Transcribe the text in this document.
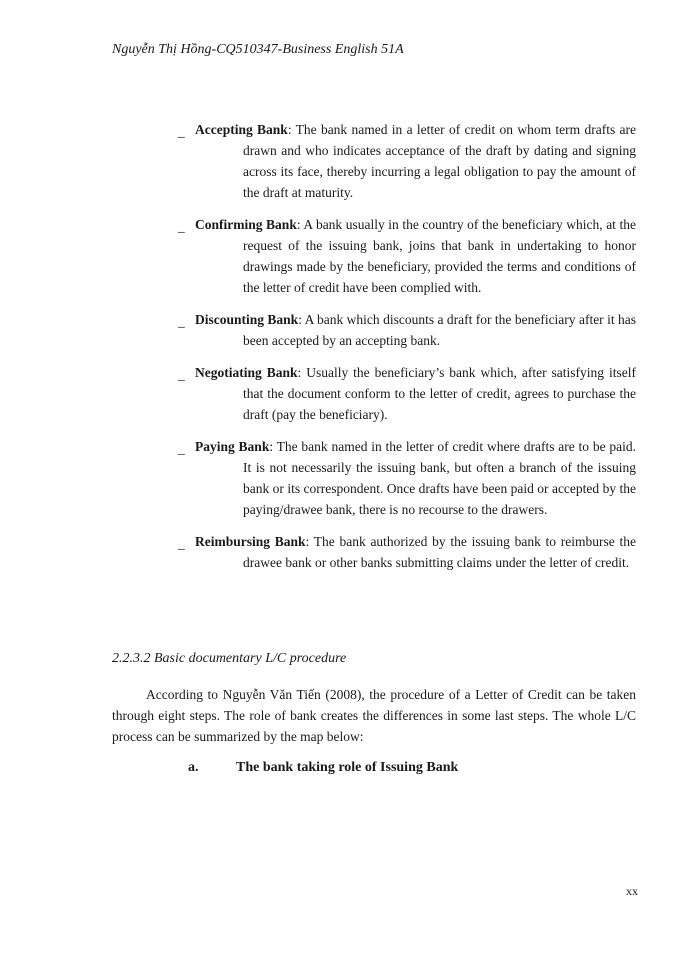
Nguyễn Thị Hồng-CQ510347-Business English 51A
_ Accepting Bank: The bank named in a letter of credit on whom term drafts are drawn and who indicates acceptance of the draft by dating and signing across its face, thereby incurring a legal obligation to pay the amount of the draft at maturity.
_ Confirming Bank: A bank usually in the country of the beneficiary which, at the request of the issuing bank, joins that bank in undertaking to honor drawings made by the beneficiary, provided the terms and conditions of the letter of credit have been complied with.
_ Discounting Bank: A bank which discounts a draft for the beneficiary after it has been accepted by an accepting bank.
_ Negotiating Bank: Usually the beneficiary’s bank which, after satisfying itself that the document conform to the letter of credit, agrees to purchase the draft (pay the beneficiary).
_ Paying Bank: The bank named in the letter of credit where drafts are to be paid. It is not necessarily the issuing bank, but often a branch of the issuing bank or its correspondent. Once drafts have been paid or accepted by the paying/drawee bank, there is no recourse to the drawers.
_ Reimbursing Bank: The bank authorized by the issuing bank to reimburse the drawee bank or other banks submitting claims under the letter of credit.
2.2.3.2 Basic documentary L/C procedure
According to Nguyễn Văn Tiến (2008), the procedure of a Letter of Credit can be taken through eight steps. The role of bank creates the differences in some last steps. The whole L/C process can be summarized by the map below:
a.	The bank taking role of Issuing Bank
xx
